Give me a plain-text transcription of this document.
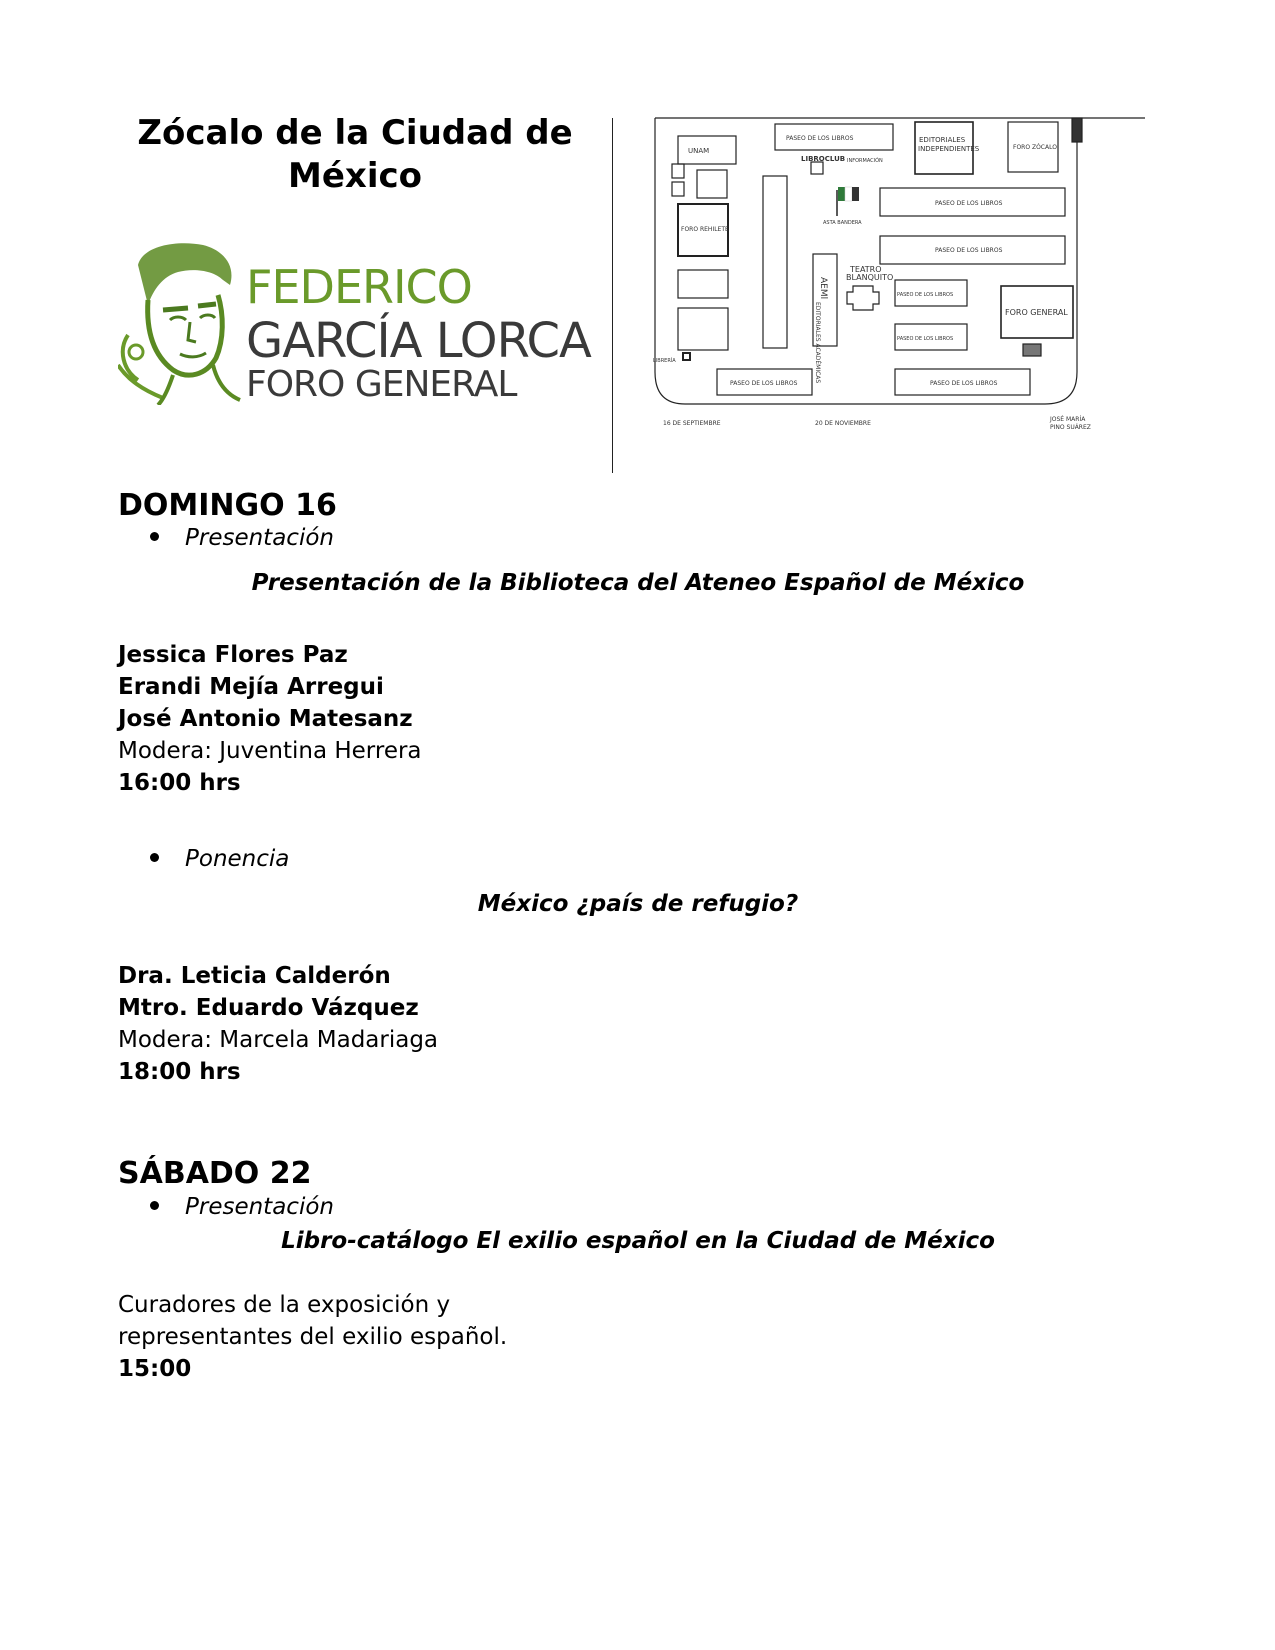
Zócalo de la Ciudad de
México
FEDERICO
GARCÍA LORCA
FORO GENERAL
UNAM
PASEO DE LOS LIBROS	EDITORIALES
INDEPENDIENTES	FORO ZÓCALO
LIBROCLUB INFORMACIÓN
ASTA BANDERA
FORO REHILETE
PASEO DE LOS LIBROS
PASEO DE LOS LIBROS
PASEO DE LOS LIBROS
PASEO DE LOS LIBROS
AEMl
TEATRO
BLANQUITO
EDITORIALES ACADÉMICAS	FORO GENERAL
PASEO DE LOS LIBROS	PASEO DE LOS LIBROS
16 DE SEPTIEMBRE	20 DE NOVIEMBRE
JOSÉ MARÍA
PINO SUÁREZ
LIBRERÍA
DOMINGO 16
Presentación
Presentación de la Biblioteca del Ateneo Español de México
Jessica Flores Paz
Erandi Mejía Arregui
José Antonio Matesanz
Modera: Juventina Herrera
16:00 hrs
Ponencia
México ¿país de refugio?
Dra. Leticia Calderón
Mtro. Eduardo Vázquez
Modera: Marcela Madariaga
18:00 hrs
SÁBADO 22
Presentación
Libro-catálogo El exilio español en la Ciudad de México
Curadores de la exposición y
representantes del exilio español.
15:00
